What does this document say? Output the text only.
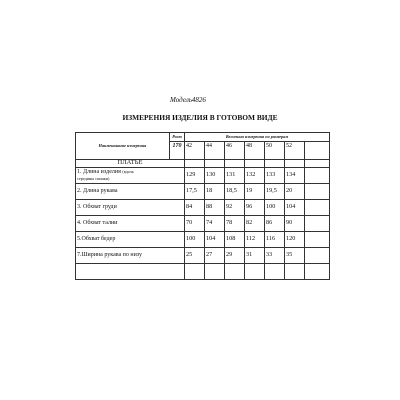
Модель4826
ИЗМЕРЕНИЯ ИЗДЕЛИЯ В ГОТОВОМ ВИДЕ
Наименование измерения	Рост	Величина измерения по размерам						
	170	42	44	46	48	50	52	
ПЛАТЬЕ								
1. Длина изделия (вдоль
середины спинки)		129	130	131	132	133	134	
2. Длина рукава		17,5	18	18,5	19	19,5	20	
3. Обхват груди		84	88	92	96	100	104	
4. Обхват талии		70	74	78	82	86	90	
5.Обхват бедер		100	104	108	112	116	120	
7.Ширина рукава по низу		25	27	29	31	33	35	
